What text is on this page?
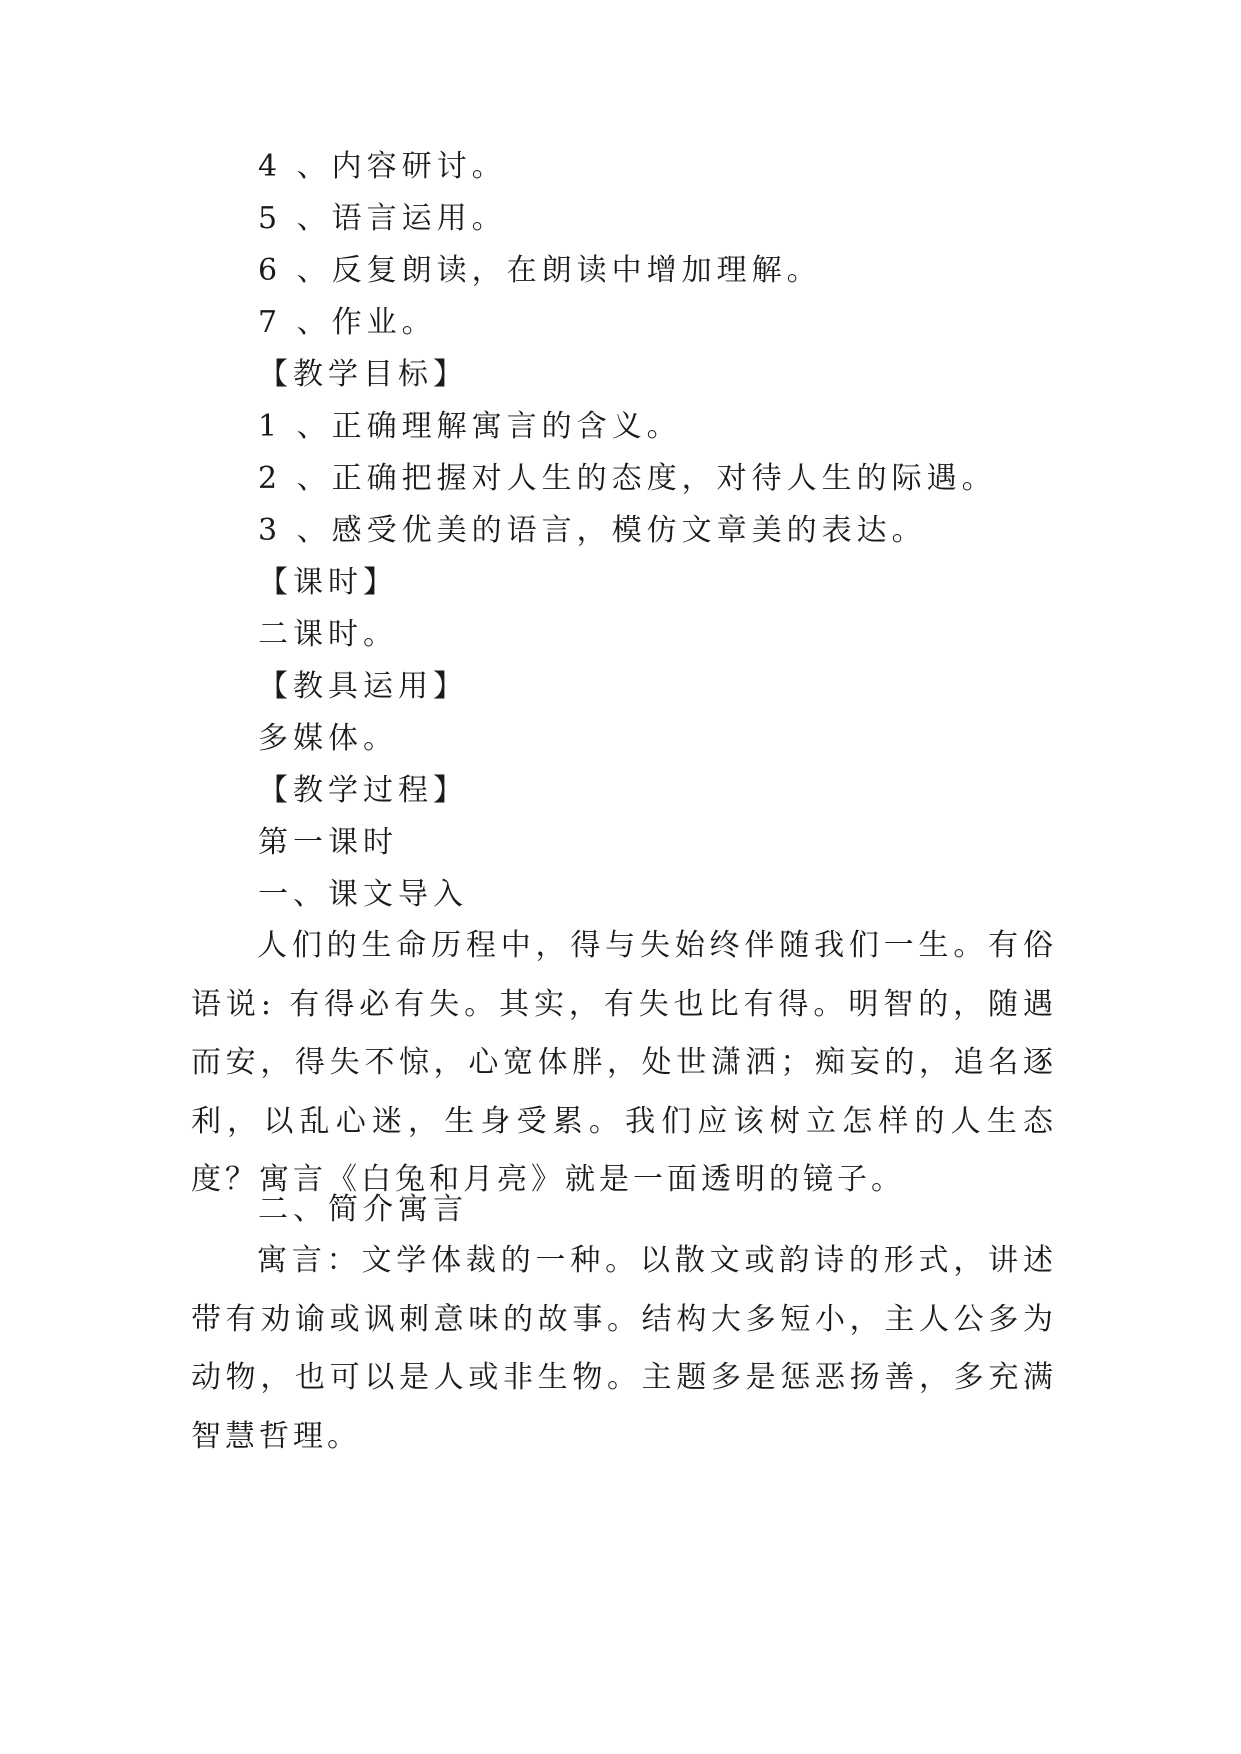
4 、内容研讨。
5 、语言运用。
6 、反复朗读，在朗读中增加理解。
7 、作业。
【教学目标】
1 、正确理解寓言的含义。
2 、正确把握对人生的态度，对待人生的际遇。
3 、感受优美的语言，模仿文章美的表达。
【课时】
二课时。
【教具运用】
多媒体。
【教学过程】
第一课时
一、课文导入

人们的生命历程中，得与失始终伴随我们一生。有俗语说: 有得必有失。其实，有失也比有得。明智的，随遇而安，得失不惊，心宽体胖，处世潇洒；痴妄的，追名逐利，以乱心迷，生身受累。我们应该树立怎样的人生态度？寓言《白兔和月亮》就是一面透明的镜子。

二、简介寓言

寓言：文学体裁的一种。以散文或韵诗的形式，讲述带有劝谕或讽刺意味的故事。结构大多短小，主人公多为动物，也可以是人或非生物。主题多是惩恶扬善，多充满智慧哲理。
